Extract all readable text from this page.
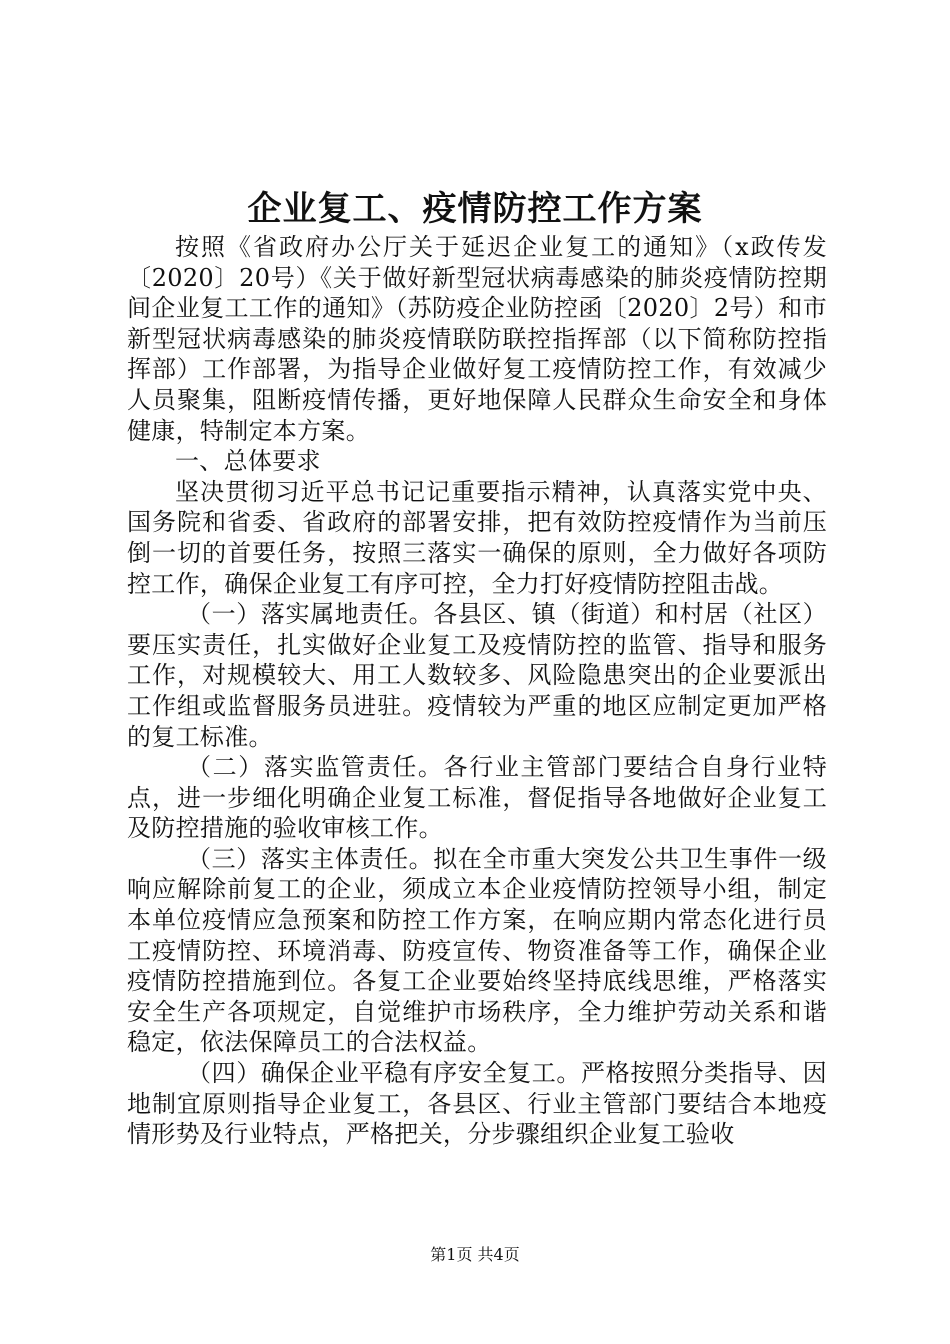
企业复工、疫情防控工作方案

按照《省政府办公厅关于延迟企业复工的通知》（x政传发〔2020〕20号）《关于做好新型冠状病毒感染的肺炎疫情防控期间企业复工工作的通知》（苏防疫企业防控函〔2020〕2号）和市新型冠状病毒感染的肺炎疫情联防联控指挥部（以下简称防控指挥部）工作部署，为指导企业做好复工疫情防控工作，有效减少人员聚集，阻断疫情传播，更好地保障人民群众生命安全和身体健康，特制定本方案。

一、总体要求

坚决贯彻习近平总书记记重要指示精神，认真落实党中央、国务院和省委、省政府的部署安排，把有效防控疫情作为当前压倒一切的首要任务，按照三落实一确保的原则，全力做好各项防控工作，确保企业复工有序可控，全力打好疫情防控阻击战。

（一）落实属地责任。各县区、镇（街道）和村居（社区）要压实责任，扎实做好企业复工及疫情防控的监管、指导和服务工作，对规模较大、用工人数较多、风险隐患突出的企业要派出工作组或监督服务员进驻。疫情较为严重的地区应制定更加严格的复工标准。

（二）落实监管责任。各行业主管部门要结合自身行业特点，进一步细化明确企业复工标准，督促指导各地做好企业复工及防控措施的验收审核工作。

（三）落实主体责任。拟在全市重大突发公共卫生事件一级响应解除前复工的企业，须成立本企业疫情防控领导小组，制定本单位疫情应急预案和防控工作方案，在响应期内常态化进行员工疫情防控、环境消毒、防疫宣传、物资准备等工作，确保企业疫情防控措施到位。各复工企业要始终坚持底线思维，严格落实安全生产各项规定，自觉维护市场秩序，全力维护劳动关系和谐稳定，依法保障员工的合法权益。

（四）确保企业平稳有序安全复工。严格按照分类指导、因地制宜原则指导企业复工，各县区、行业主管部门要结合本地疫情形势及行业特点，严格把关，分步骤组织企业复工验收

第1页 共4页
